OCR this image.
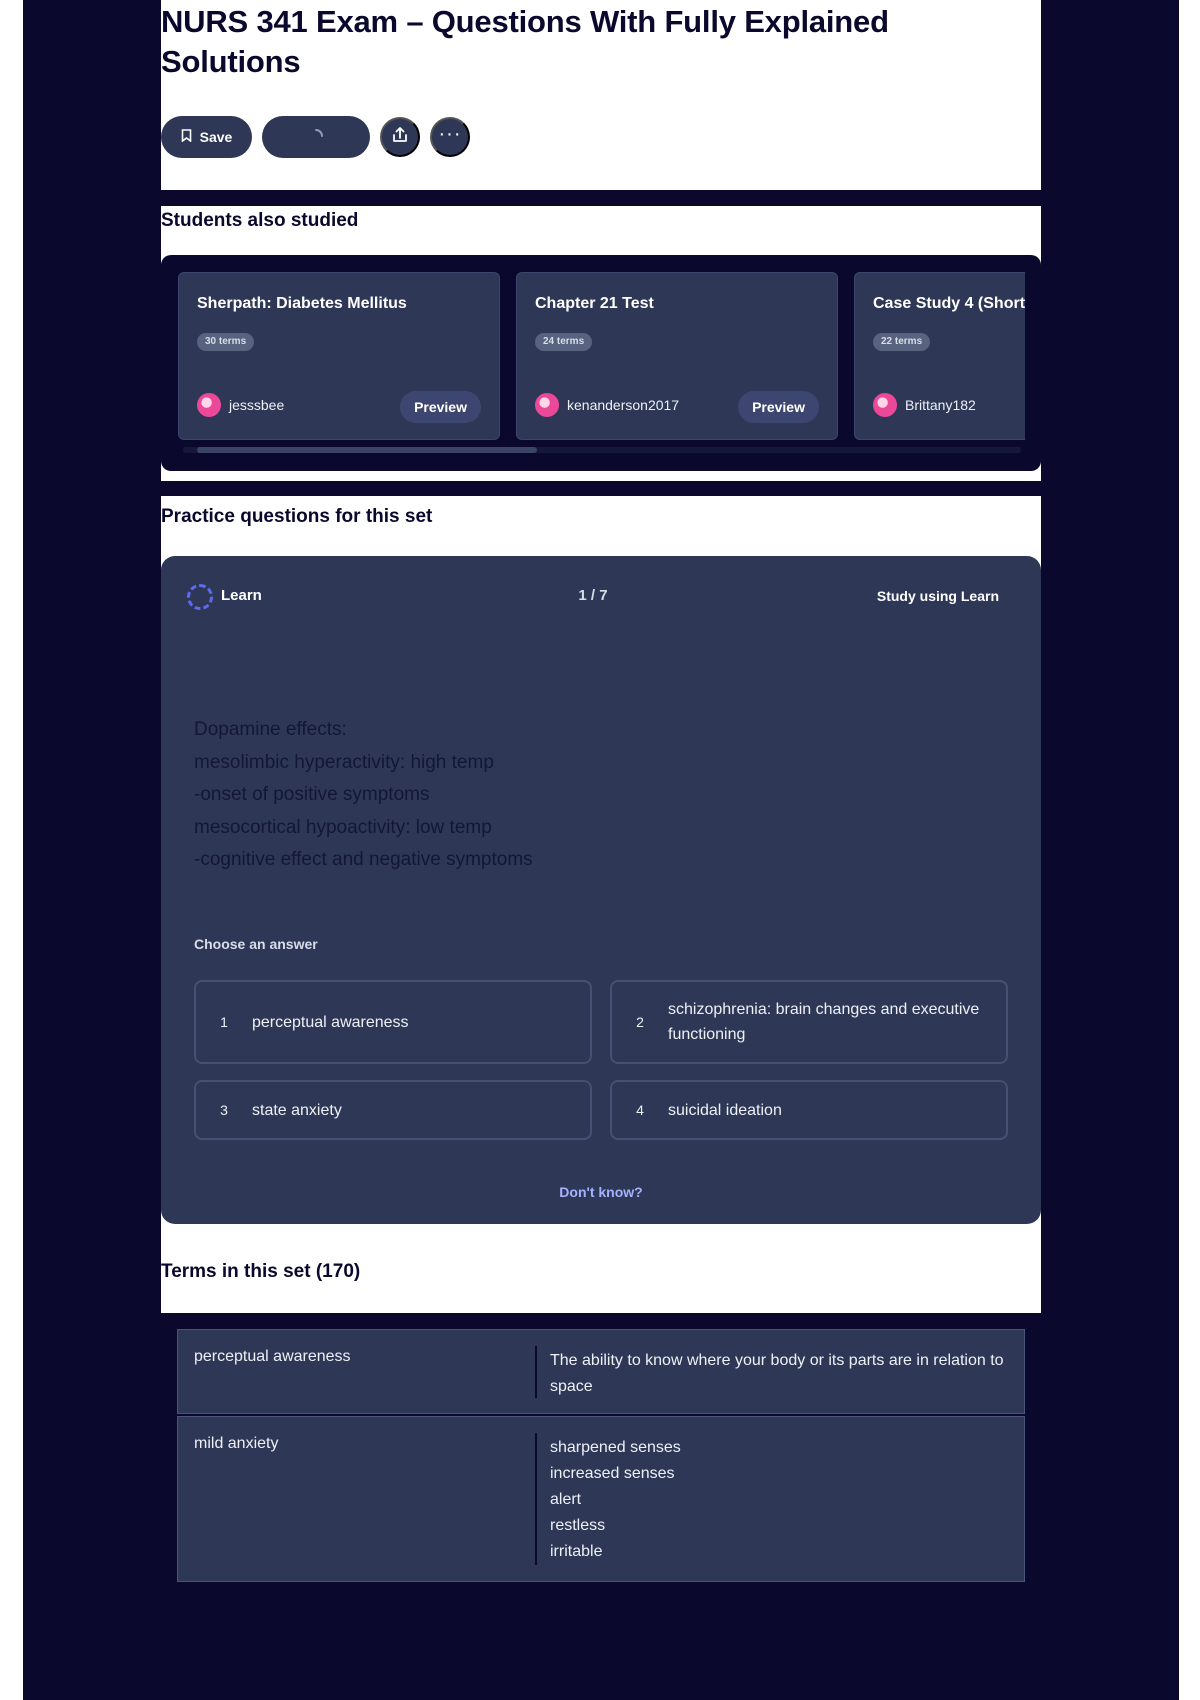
NURS 341 Exam – Questions With Fully Explained Solutions
Save	···
Students also studied
Sherpath: Diabetes Mellitus
30 terms
jesssbee	Preview
Chapter 21 Test
24 terms
kenanderson2017	Preview
Case Study 4 (Short
22 terms
Brittany182
Practice questions for this set
Learn	1 / 7	Study using Learn
Dopamine effects:
mesolimbic hyperactivity: high temp
-onset of positive symptoms
mesocortical hypoactivity: low temp
-cognitive effect and negative symptoms
Choose an answer
1	perceptual awareness	2
schizophrenia: brain changes and executive functioning
3	state anxiety	4	suicidal ideation
Don't know?
Terms in this set (170)
perceptual awareness	The ability to know where your body or its parts are in relation to space
mild anxiety	sharpened senses
increased senses
alert
restless
irritable
